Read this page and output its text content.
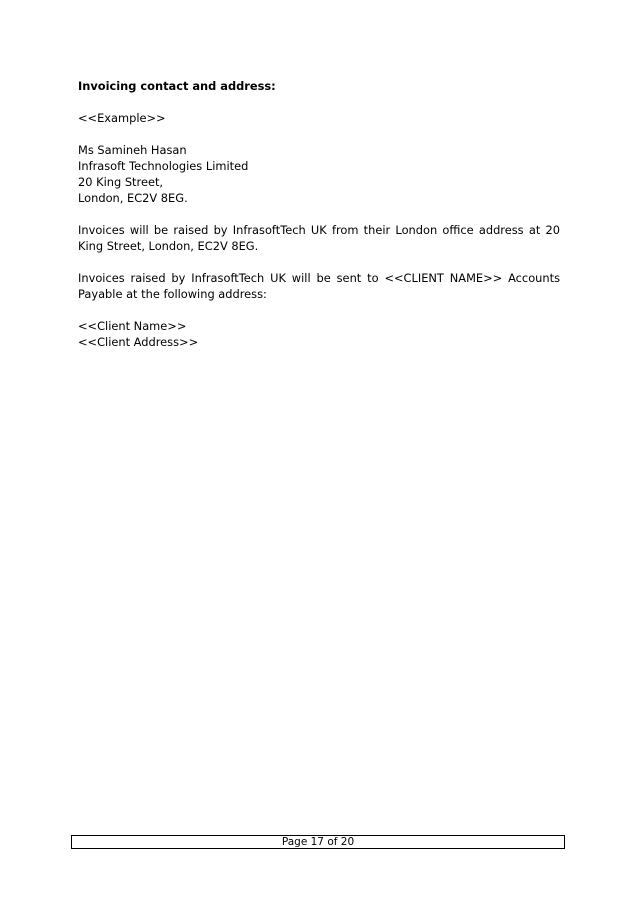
Invoicing contact and address:

<<Example>>

Ms Samineh Hasan

Infrasoft Technologies Limited

20 King Street,

London, EC2V 8EG.

Invoices will be raised by InfrasoftTech UK from their London office address at 20 King Street, London, EC2V 8EG.

Invoices raised by InfrasoftTech UK will be sent to <<CLIENT NAME>> Accounts Payable at the following address:

<<Client Name>>

<<Client Address>>

Page 17 of 20
